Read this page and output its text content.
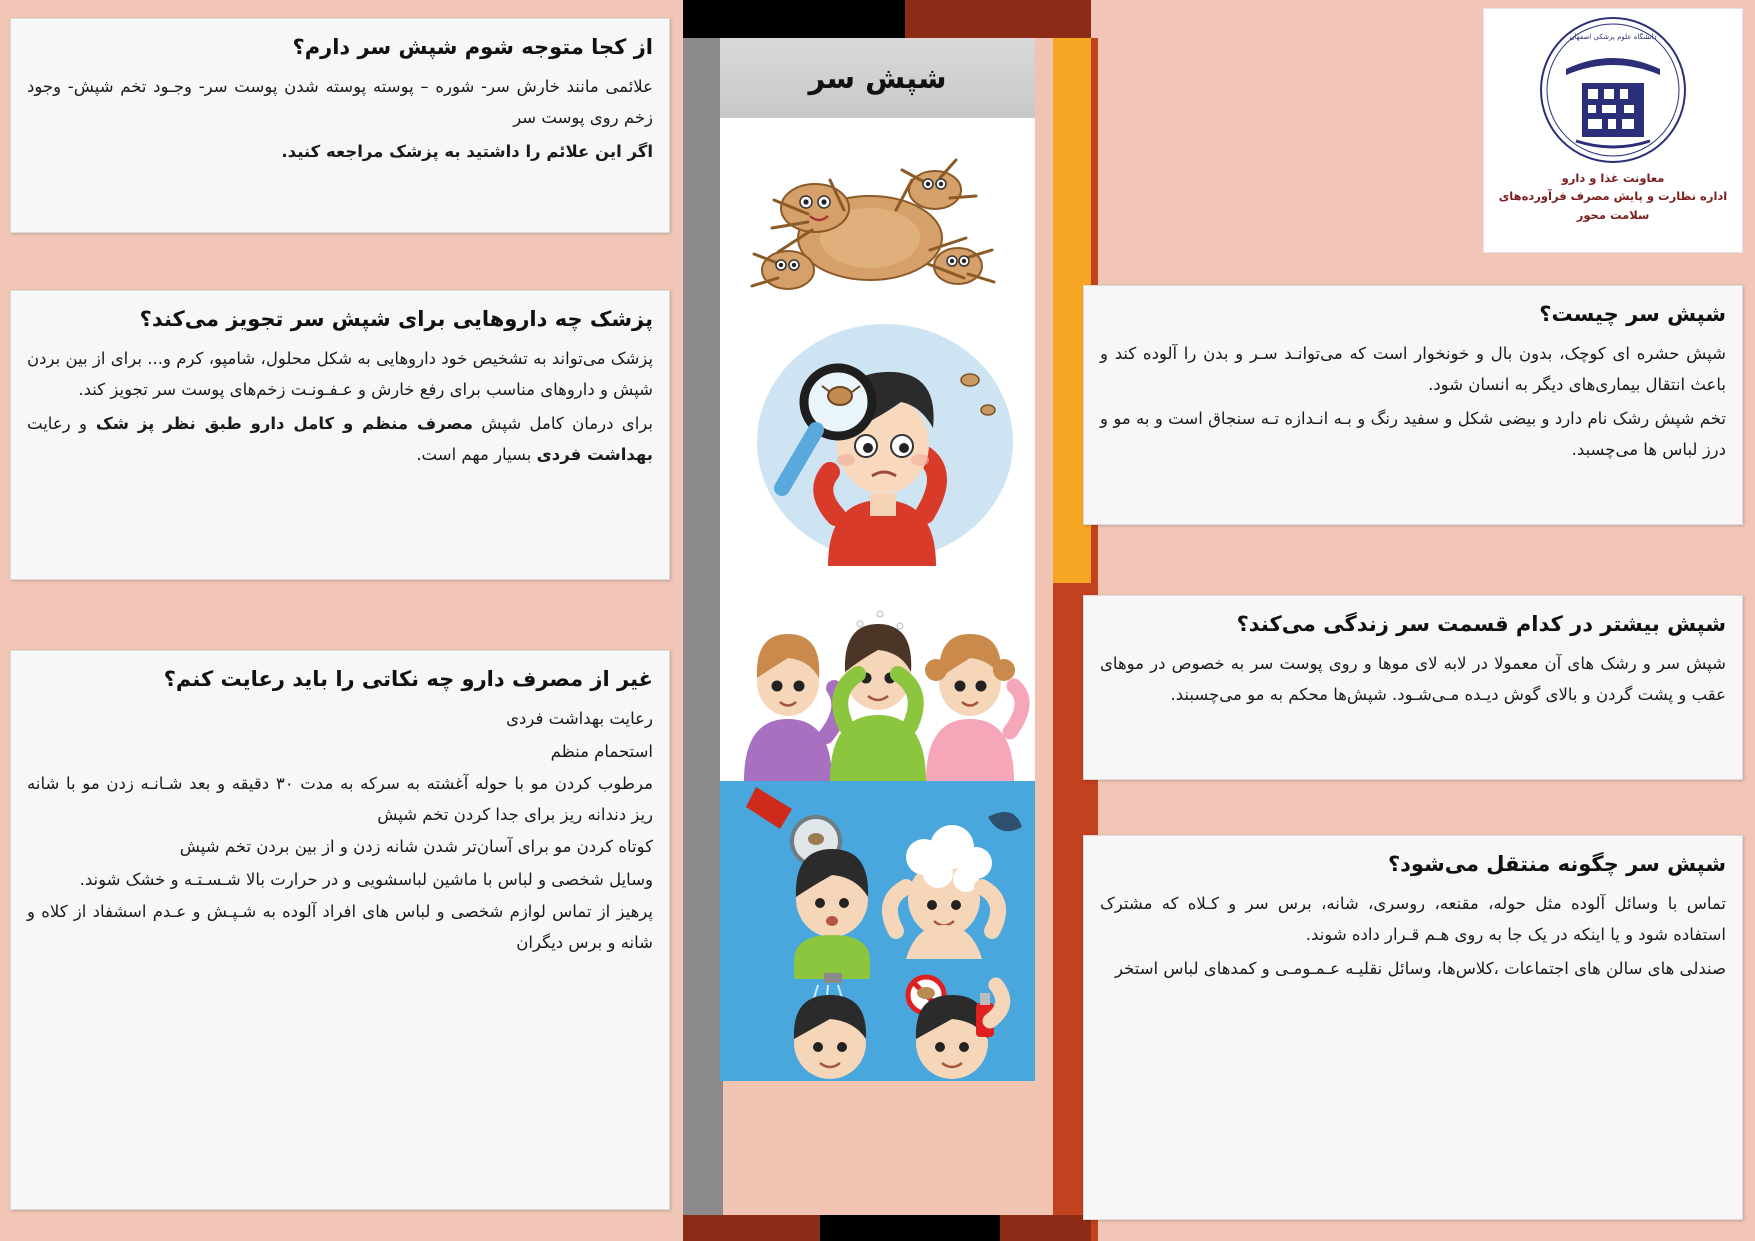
شپش سر
از کجا متوجه شوم شپش سر دارم؟

علائمی مانند خارش سر- شوره – پوسته پوسته شدن پوست سر- وجـود تخم شپش- وجود زخم روی پوست سر

اگر این علائم را داشتید به پزشک مراجعه کنید.

پزشک چه داروهایی برای شپش سر تجویز می‌کند؟

پزشک می‌تواند به تشخیص خود داروهایی به شکل محلول، شامپو، کرم و... برای از بین بردن شپش و داروهای مناسب برای رفع خارش و عـفـونـت زخم‌های پوست سر تجویز کند.

برای درمان کامل شپش مصرف منظم و کامل دارو طبق نظر پز شک و رعایت بهداشت فردی بسیار مهم است.

غیر از مصرف دارو چه نکاتی را باید رعایت کنم؟

رعایت بهداشت فردی

استحمام منظم

مرطوب کردن مو با حوله آغشته به سرکه به مدت ۳۰ دقیقه و بعد شـانـه زدن مو با شانه ریز دندانه ریز برای جدا کردن تخم شپش

کوتاه کردن مو برای آسان‌تر شدن شانه زدن و از بین بردن تخم شپش

وسایل شخصی و لباس با ماشین لباسشویی و در حرارت بالا شـسـتـه و خشک شوند.

پرهیز از تماس لوازم شخصی و لباس های افراد آلوده به شـپـش و عـدم اسشفاد از کلاه و شانه و برس دیگران

دانشگاه علوم پزشکی اصفهان
معاونت غذا و دارو
اداره نظارت و پایش مصرف فرآورده‌های سلامت محور
شپش سر چیست؟

شپش حشره ای کوچک، بدون بال و خونخوار است که می‌توانـد سـر و بدن را آلوده کند و باعث انتقال بیماری‌های دیگر به انسان شود.

تخم شپش رشک نام دارد و بیضی شکل و سفید رنگ و بـه انـدازه تـه سنجاق است و به مو و درز لباس ها می‌چسبد.

شپش بیشتر در کدام قسمت سر زندگی می‌کند؟

شپش سر و رشک های آن معمولا در لابه لای موها و روی پوست سر به خصوص در موهای عقب و پشت گردن و بالای گوش دیـده مـی‌شـود. شپش‌ها محکم به مو می‌چسبند.

شپش سر چگونه منتقل می‌شود؟

تماس با وسائل آلوده مثل حوله، مقنعه، روسری، شانه، برس سر و کـلاه که مشترک استفاده شود و یا اینکه در یک جا به روی هـم قـرار داده شوند.

صندلی های سالن های اجتماعات ،کلاس‌ها، وسائل نقلیـه عـمـومـی و کمدهای لباس استخر
